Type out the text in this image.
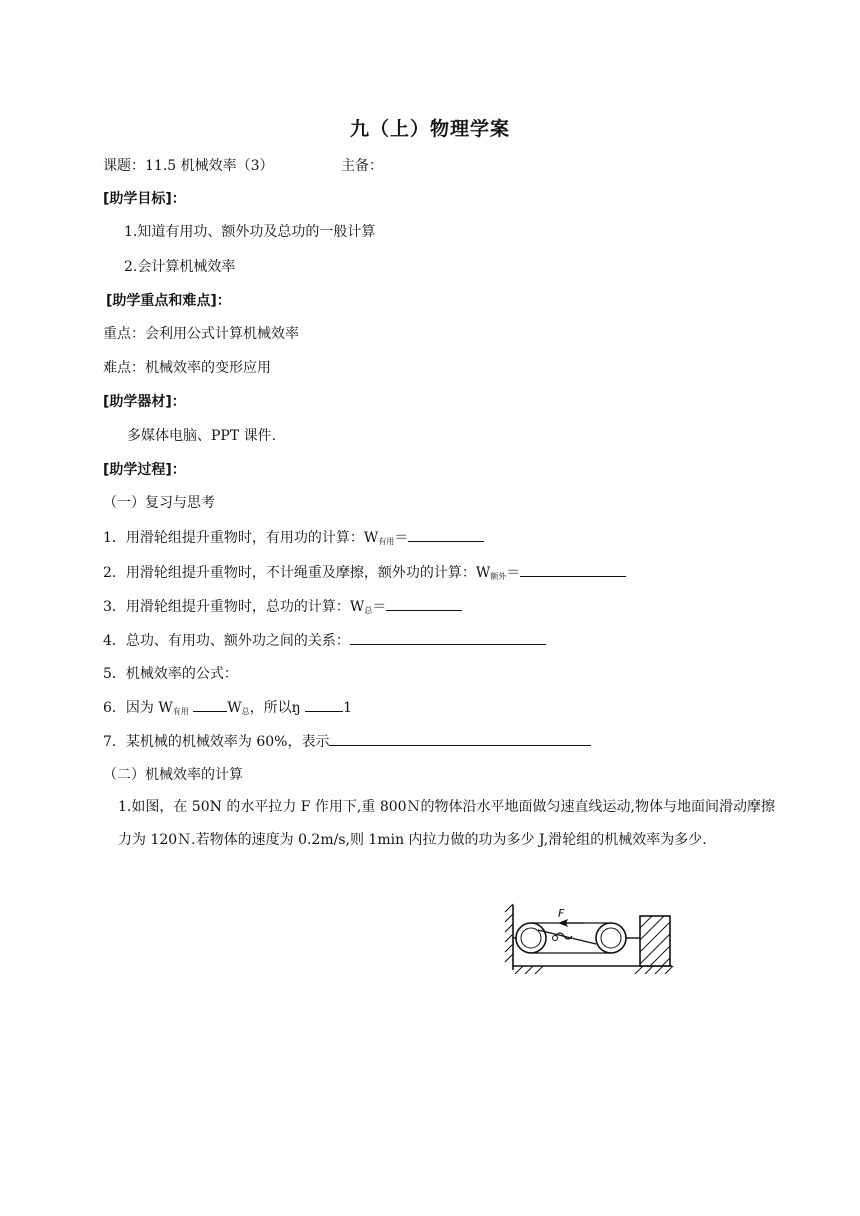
九（上）物理学案
课题：11.5 机械效率（3）	主备：
[助学目标]：
1.知道有用功、额外功及总功的一般计算
2.会计算机械效率
[助学重点和难点]：
重点：会利用公式计算机械效率
难点：机械效率的变形应用
[助学器材]：
多媒体电脑、PPT 课件.
[助学过程]：
（一）复习与思考
1．用滑轮组提升重物时，有用功的计算：$W_{有用}=$
2．用滑轮组提升重物时，不计绳重及摩擦，额外功的计算：$W_{额外}=$
3．用滑轮组提升重物时，总功的计算：$W_总=$
4．总功、有用功、额外功之间的关系：
5．机械效率的公式：
6．因为 $W_{有用}$	$W_总$，所以ŋ	1
7．某机械的机械效率为 60%，表示
（二）机械效率的计算
1.如图，在 50N 的水平拉力 F 作用下,重 800Ｎ的物体沿水平地面做匀速直线运动,物体与地面间滑动摩擦力为 120Ｎ.若物体的速度为 0.2m/s,则 1min 内拉力做的功为多少 J,滑轮组的机械效率为多少.
F
